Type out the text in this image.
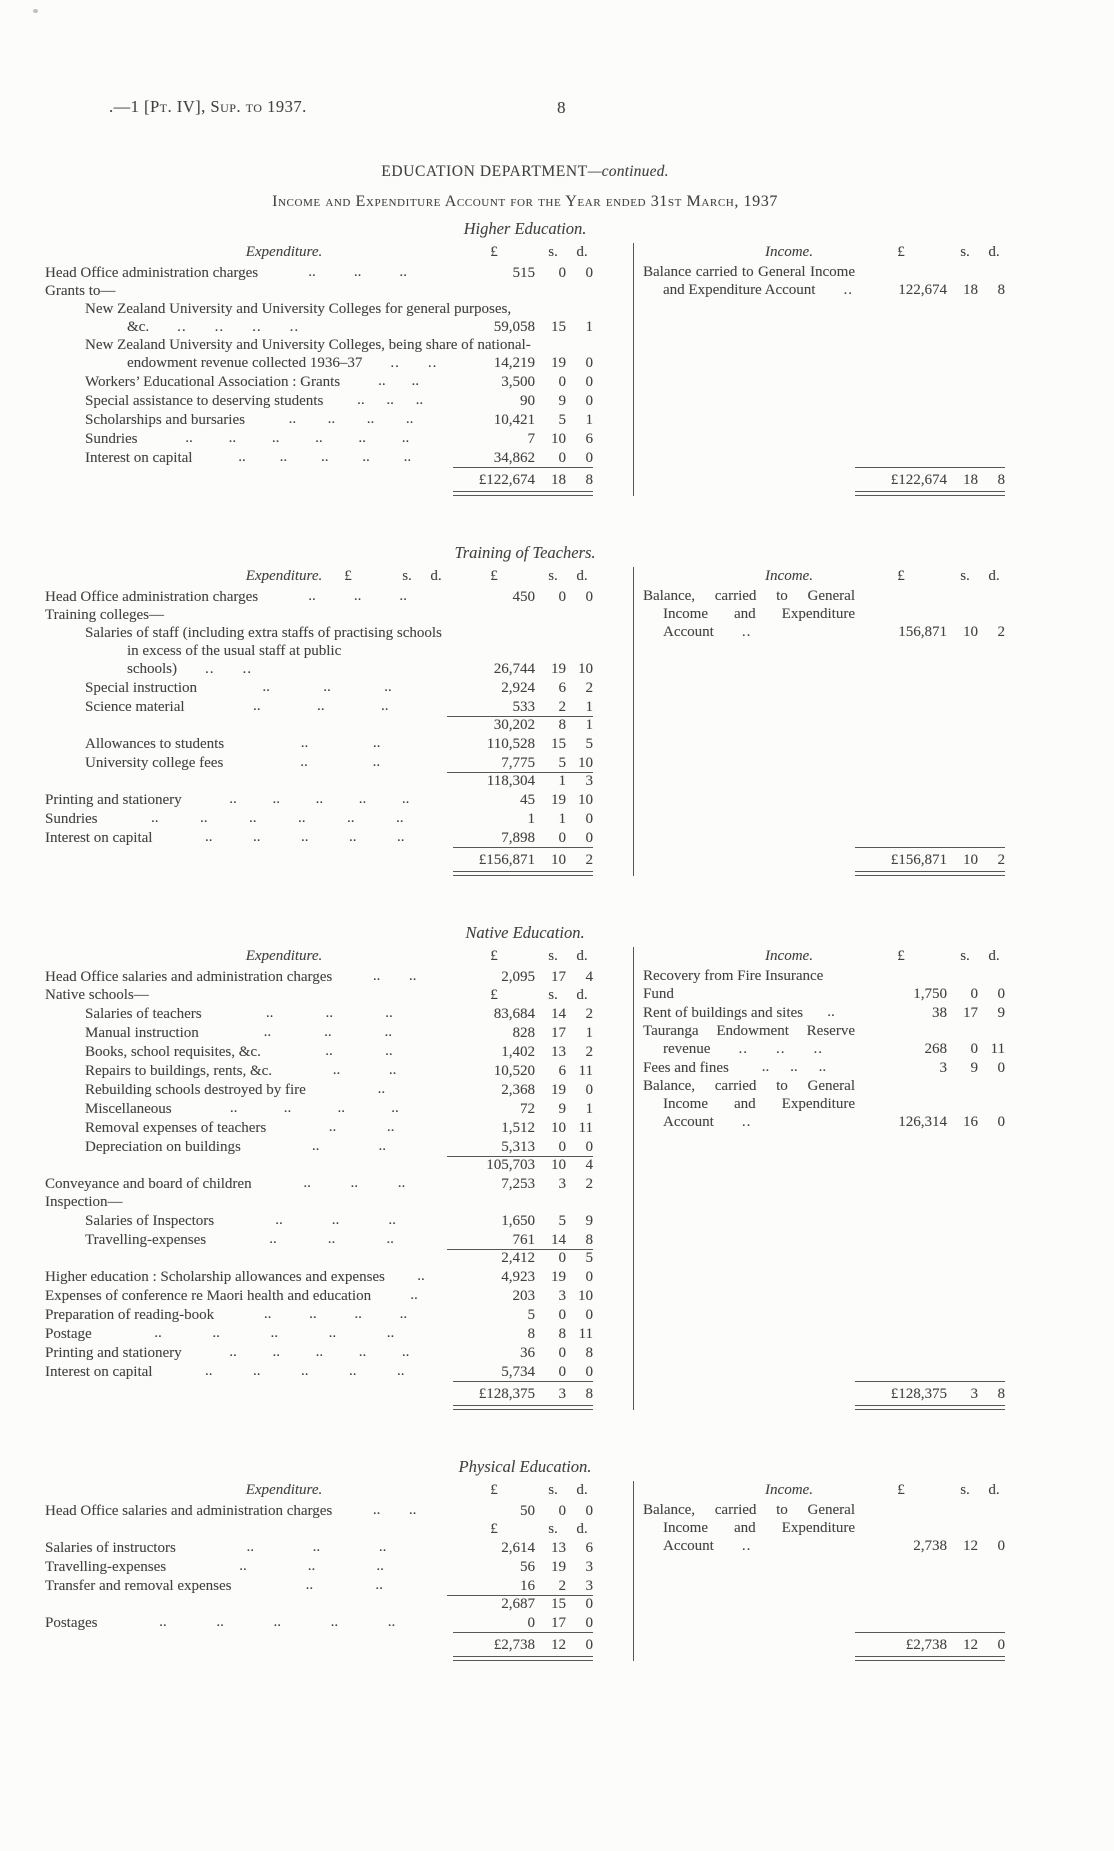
.—1 [Pt. IV], Sup. to 1937.	8
EDUCATION DEPARTMENT—continued.
Income and Expenditure Account for the Year ended 31st March, 1937
Higher Education.
Expenditure.	£	s.	d.
Head Office administration charges	..	..	..	515	0	0
Grants to—
New Zealand University and University Colleges for general purposes, &c. .. .. .. ..	59,058	15	1
New Zealand University and University Colleges, being share of national-endowment revenue collected 1936–37 .. ..	14,219	19	0
Workers’ Educational Association : Grants	.. ..	3,500	0	0
Special assistance to deserving students .. .. ..	90	9	0
Scholarships and bursaries	.. .. .. ..	10,421	5	1
Sundries	.. .. .. .. .. ..	7	10	6
Interest on capital	.. .. .. .. ..	34,862	0	0
£122,674	18	8
Income.	£	s.	d.
Balance carried to General Income and Expenditure Account ..	122,674	18	8
£122,674	18	8
Training of Teachers.
£	s.	d.
Expenditure.	£	s.	d.
Head Office administration charges	..	..	..	450	0	0
Training colleges—
Salaries of staff (including extra staffs of practising schools in excess of the usual staff at public schools) .. ..	26,744	19 10
Special instruction	..	..	..	2,924	6	2
Science material	..	..	..	533	2	1
30,202	8	1
Allowances to students	..	..	110,528	15	5
University college fees	..	..	7,775	5 10
118,304	1	3
Printing and stationery	.. .. .. .. ..	45	19 10
Sundries	..	..	..	..	..	..	1	1	0
Interest on capital	..	..	..	..	..	7,898	0	0
£156,871	10	2
Income.	£	s.	d.
Balance, carried to General Income and Expenditure Account ..	156,871	10	2
£156,871	10	2
Native Education.
Expenditure.	£	s.	d.
Head Office salaries and administration charges	.. ..	2,095	17	4
Native schools—	£	s.	d.
Salaries of teachers	..	..	..	83,684	14	2
Manual instruction	..	..	..	828	17	1
Books, school requisites, &c.	..	..	1,402	13	2
Repairs to buildings, rents, &c.	..	..	10,520	6 11
Rebuilding schools destroyed by fire	..	2,368	19	0
Miscellaneous	..	..	..	..	72	9	1
Removal expenses of teachers	..	..	1,512	10 11
Depreciation on buildings	..	..	5,313	0	0
105,703	10	4
Conveyance and board of children	..	..	..	7,253	3	2
Inspection—
Salaries of Inspectors	..	..	..	1,650	5	9
Travelling-expenses	..	..	..	761	14	8
2,412	0	5
Higher education : Scholarship allowances and expenses ..	4,923	19	0
Expenses of conference re Maori health and education	..	203	3 10
Preparation of reading-book	..	..	..	..	5	0	0
Postage	..	..	..	..	..	8	8 11
Printing and stationery	.. .. .. .. ..	36	0	8
Interest on capital	..	..	..	..	..	5,734	0	0
£128,375	3	8
Income.	£	s.	d.
Recovery from Fire Insurance Fund	1,750	0	0
Rent of buildings and sites ..	38	17	9
Tauranga Endowment Reserve revenue .. .. ..	268	0 11
Fees and fines .. .. ..	3	9	0
Balance, carried to General Income and Expenditure Account ..	126,314	16	0
£128,375	3	8
Physical Education.
Expenditure.	£	s.	d.
Head Office salaries and administration charges	.. ..	50	0	0
£	s.	d.
Salaries of instructors	..	..	..	2,614	13	6
Travelling-expenses	..	..	..	56	19	3
Transfer and removal expenses	..	..	16	2	3
2,687	15	0
Postages	..	..	..	..	..	0	17	0
£2,738	12	0
Income.	£	s.	d.
Balance, carried to General Income and Expenditure Account ..	2,738	12	0
£2,738	12	0
